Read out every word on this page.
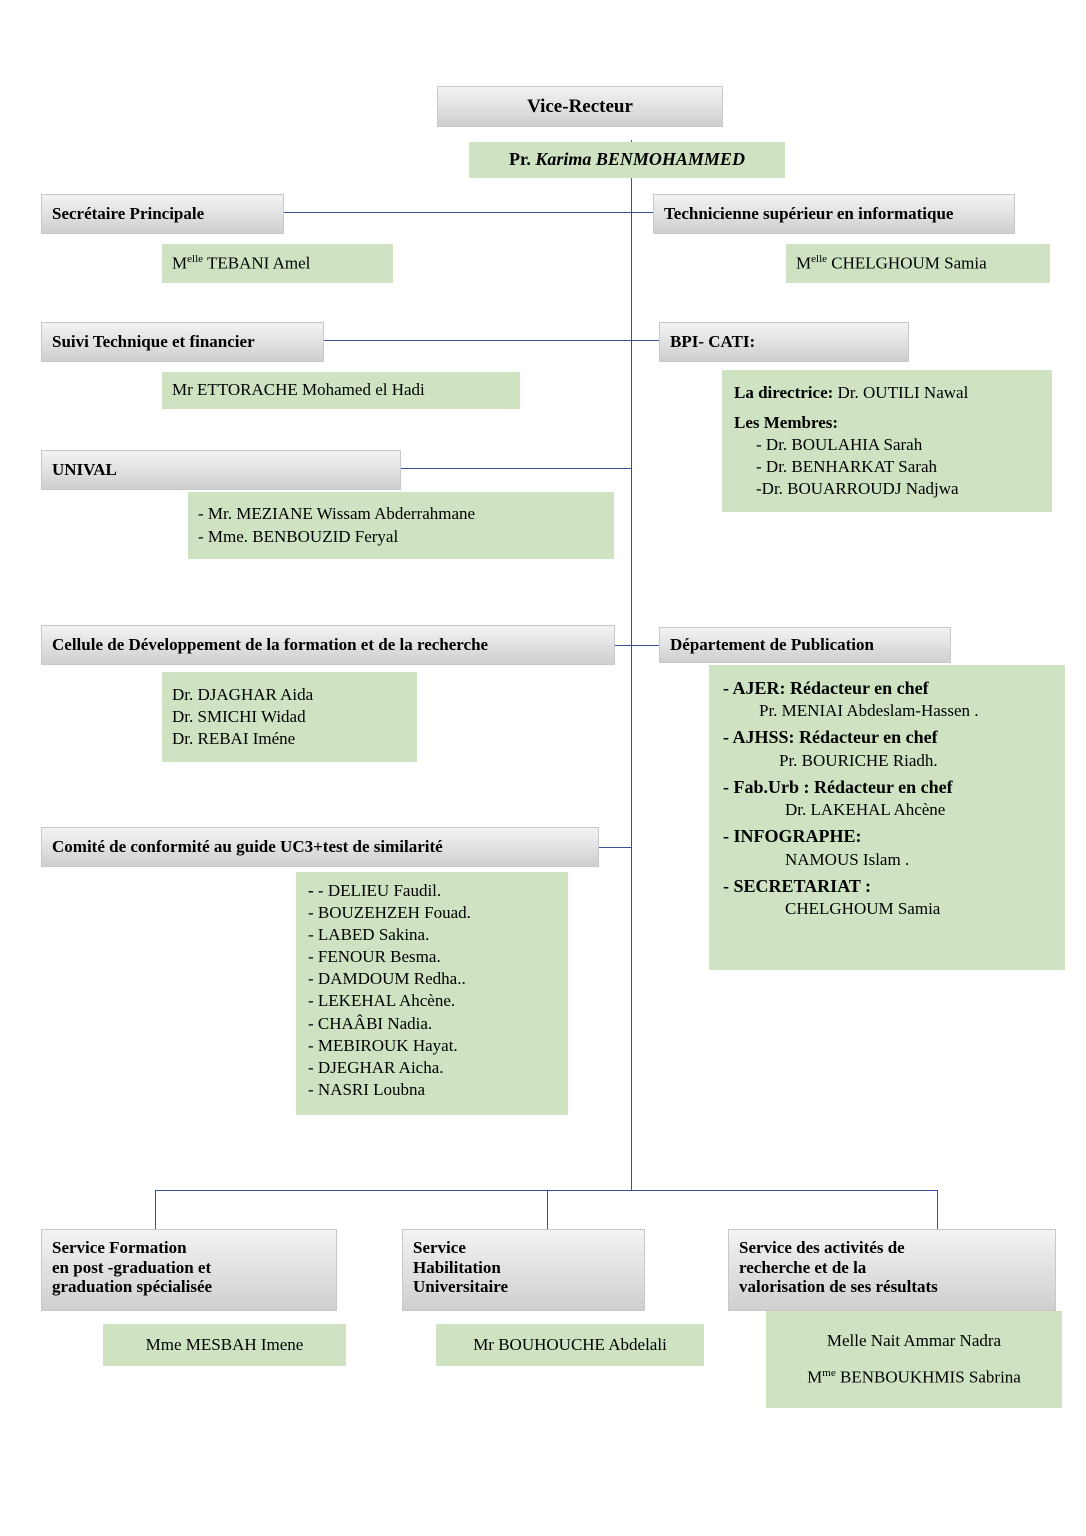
Vice-Recteur
Pr. Karima BENMOHAMMED
Secrétaire Principale
$M^{elle}$ TEBANI Amel
Technicienne supérieur en informatique
$M^{elle}$ CHELGHOUM Samia
Suivi Technique et financier
Mr ETTORACHE Mohamed el Hadi
BPI- CATI:
La directrice: Dr. OUTILI Nawal
Les Membres:
- Dr. BOULAHIA Sarah
- Dr. BENHARKAT Sarah
-Dr. BOUARROUDJ Nadjwa
UNIVAL
- Mr. MEZIANE Wissam Abderrahmane
- Mme. BENBOUZID Feryal
Cellule de Développement de la formation et de la recherche
Dr. DJAGHAR Aida
Dr. SMICHI Widad
Dr. REBAI Iméne
Département de Publication
- AJER: Rédacteur en chef
Pr. MENIAI Abdeslam-Hassen .
- AJHSS: Rédacteur en chef
Pr. BOURICHE Riadh.
- Fab.Urb : Rédacteur en chef
Dr. LAKEHAL Ahcène
- INFOGRAPHE:
NAMOUS Islam .
- SECRETARIAT :
CHELGHOUM Samia
Comité de conformité au guide UC3+test de similarité
- - DELIEU Faudil.
- BOUZEHZEH Fouad.
- LABED Sakina.
- FENOUR Besma.
- DAMDOUM Redha..
- LEKEHAL Ahcène.
- CHAÂBI Nadia.
- MEBIROUK Hayat.
- DJEGHAR Aicha.
- NASRI Loubna
Service Formation
en post -graduation et
graduation spécialisée
Mme MESBAH Imene
Service
Habilitation
Universitaire
Mr BOUHOUCHE Abdelali
Service des activités de
recherche et de la
valorisation de ses résultats
Melle Nait Ammar Nadra
$M^{me}$ BENBOUKHMIS Sabrina
